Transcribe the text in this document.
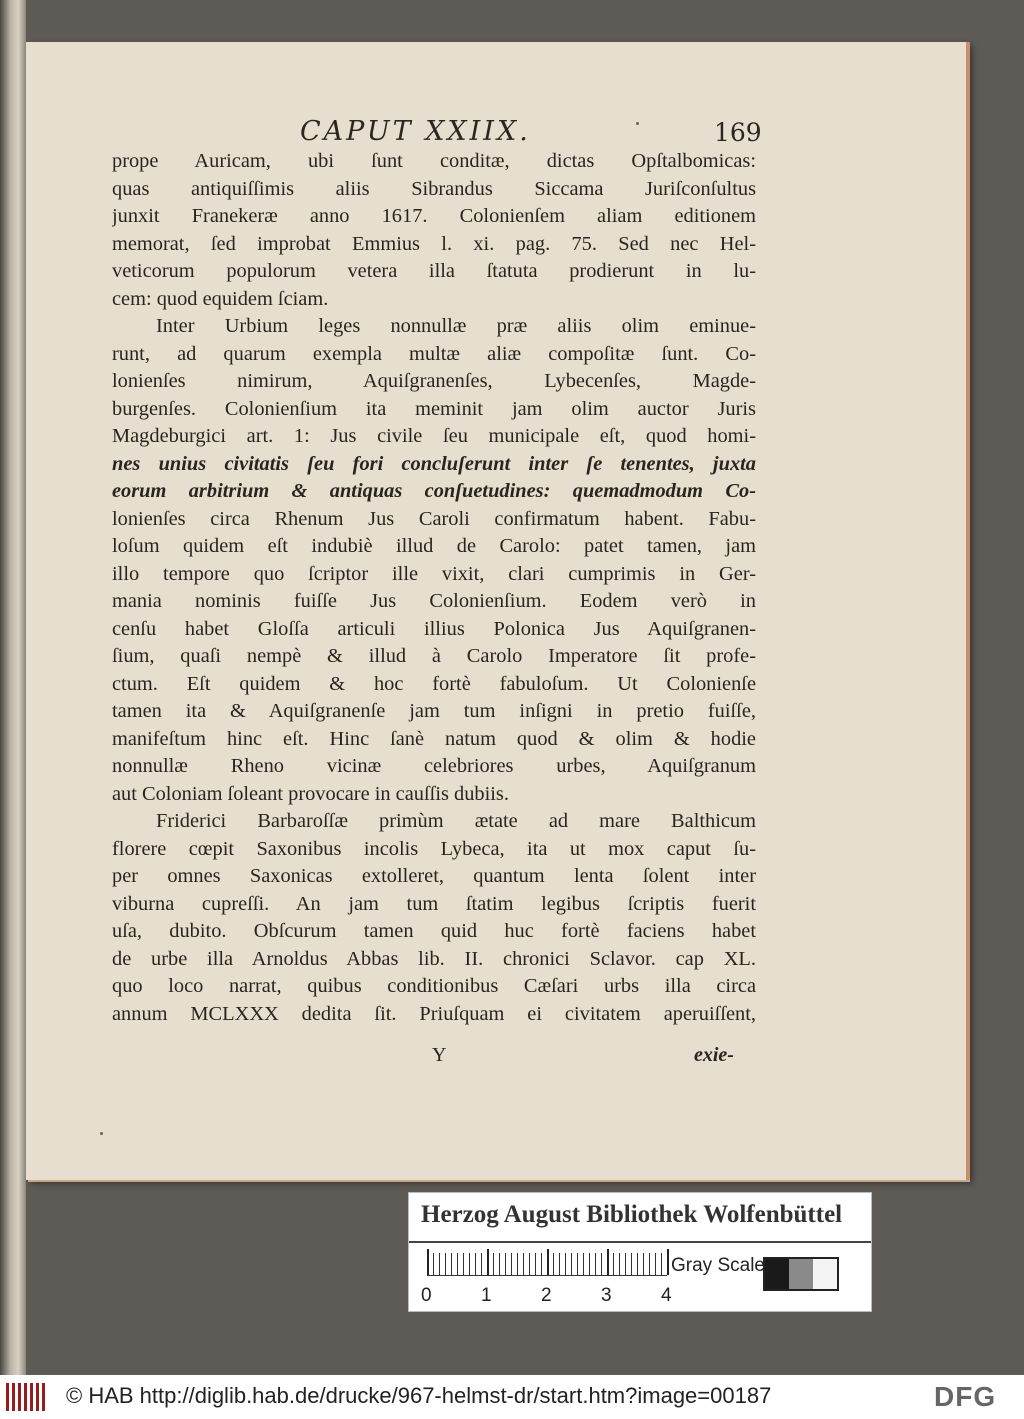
CAPUT XXIIX.	169
prope Auricam, ubi ſunt conditæ, dictas Opſtalbomicas:
quas antiquiſſimis aliis Sibrandus Siccama Juriſconſultus
junxit Franekeræ anno 1617. Colonienſem aliam editionem
memorat, ſed improbat Emmius l. xi. pag. 75. Sed nec Hel-
veticorum populorum vetera illa ſtatuta prodierunt in lu-
cem: quod equidem ſciam.
Inter Urbium leges nonnullæ præ aliis olim eminue-
runt, ad quarum exempla multæ aliæ compoſitæ ſunt. Co-
lonienſes nimirum, Aquiſgranenſes, Lybecenſes, Magde-
burgenſes. Colonienſium ita meminit jam olim auctor Juris
Magdeburgici art. 1: Jus civile ſeu municipale eſt, quod homi-
nes unius civitatis ſeu fori concluſerunt inter ſe tenentes, juxta
eorum arbitrium & antiquas conſuetudines: quemadmodum Co-
lonienſes circa Rhenum Jus Caroli confirmatum habent. Fabu-
loſum quidem eſt indubiè illud de Carolo: patet tamen, jam
illo tempore quo ſcriptor ille vixit, clari cumprimis in Ger-
mania nominis fuiſſe Jus Colonienſium. Eodem verò in
cenſu habet Gloſſa articuli illius Polonica Jus Aquiſgranen-
ſium, quaſi nempè & illud à Carolo Imperatore ſit profe-
ctum. Eſt quidem & hoc fortè fabuloſum. Ut Colonienſe
tamen ita & Aquiſgranenſe jam tum inſigni in pretio fuiſſe,
manifeſtum hinc eſt. Hinc ſanè natum quod & olim & hodie
nonnullæ Rheno vicinæ celebriores urbes, Aquiſgranum
aut Coloniam ſoleant provocare in cauſſis dubiis.
Friderici Barbaroſſæ primùm ætate ad mare Balthicum
florere cœpit Saxonibus incolis Lybeca, ita ut mox caput ſu-
per omnes Saxonicas extolleret, quantum lenta ſolent inter
viburna cupreſſi. An jam tum ſtatim legibus ſcriptis fuerit
uſa, dubito. Obſcurum tamen quid huc fortè faciens habet
de urbe illa Arnoldus Abbas lib. II. chronici Sclavor. cap XL.
quo loco narrat, quibus conditionibus Cæſari urbs illa circa
annum MCLXXX dedita ſit. Priuſquam ei civitatem aperuiſſent,
Y	exie-
Herzog August Bibliothek Wolfenbüttel
0	1	2	3	4
Gray Scale
© HAB http://diglib.hab.de/drucke/967-helmst-dr/start.htm?image=00187	DFG
